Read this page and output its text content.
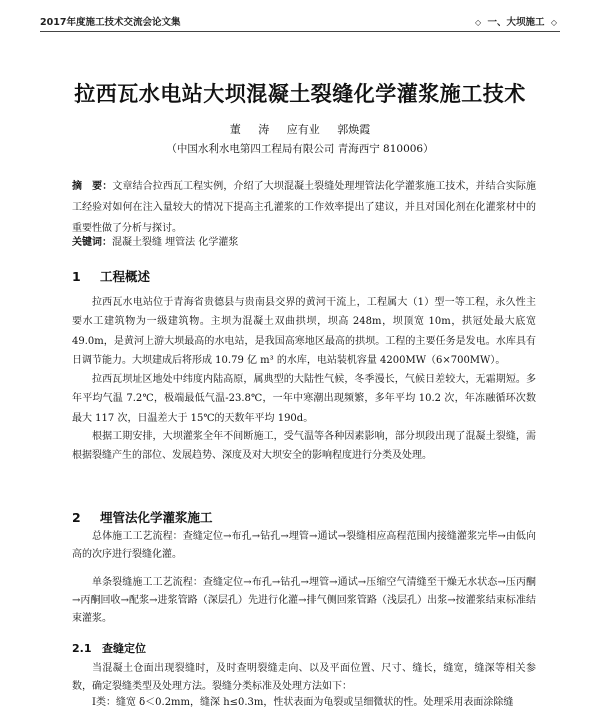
2017年度施工技术交流会论文集	◇ 一、大坝施工 ◇
拉西瓦水电站大坝混凝土裂缝化学灌浆施工技术
董 涛 应有业 郭焕霞
（中国水利水电第四工程局有限公司 青海西宁 810006）
摘　要：文章结合拉西瓦工程实例，介绍了大坝混凝土裂缝处理埋管法化学灌浆施工技术，并结合实际施工经验对如何在注入量较大的情况下提高主孔灌浆的工作效率提出了建议，并且对国化剂在化灌浆材中的重要性做了分析与探讨。
关键词：混凝土裂缝 埋管法 化学灌浆
1 工程概述
拉西瓦水电站位于青海省贵德县与贵南县交界的黄河干流上，工程属大（1）型一等工程，永久性主要水工建筑物为一级建筑物。主坝为混凝土双曲拱坝，坝高 248m，坝顶宽 10m，拱冠处最大底宽 49.0m，是黄河上游大坝最高的水电站，是我国高寒地区最高的拱坝。工程的主要任务是发电。水库具有日调节能力。大坝建成后将形成 10.79 亿 m³ 的水库，电站装机容量 4200MW（6×700MW）。
拉西瓦坝址区地处中纬度内陆高原，属典型的大陆性气候，冬季漫长，气候日差较大，无霜期短。多年平均气温 7.2℃，极端最低气温-23.8℃，一年中寒潮出现频繁，多年平均 10.2 次，年冻融循环次数最大 117 次，日温差大于 15℃的天数年平均 190d。
根据工期安排，大坝灌浆全年不间断施工，受气温等各种因素影响，部分坝段出现了混凝土裂缝，需根据裂缝产生的部位、发展趋势、深度及对大坝安全的影响程度进行分类及处理。
2 埋管法化学灌浆施工
总体施工工艺流程：查缝定位→布孔→钻孔→埋管→通试→裂缝相应高程范围内接缝灌浆完毕→由低向高的次序进行裂缝化灌。
单条裂缝施工工艺流程：查缝定位→布孔→钻孔→埋管→通试→压缩空气清缝至干燥无水状态→压丙酮→丙酮回收→配浆→进浆管路（深层孔）先进行化灌→排气侧回浆管路（浅层孔）出浆→按灌浆结束标准结束灌浆。
2.1 查缝定位
当混凝土仓面出现裂缝时，及时查明裂缝走向、以及平面位置、尺寸、缝长，缝宽，缝深等相关参数，确定裂缝类型及处理方法。裂缝分类标准及处理方法如下：
Ⅰ类：缝宽 δ＜0.2mm，缝深 h≤0.3m，性状表面为龟裂或呈细微状的性。处理采用表面涂除缝
